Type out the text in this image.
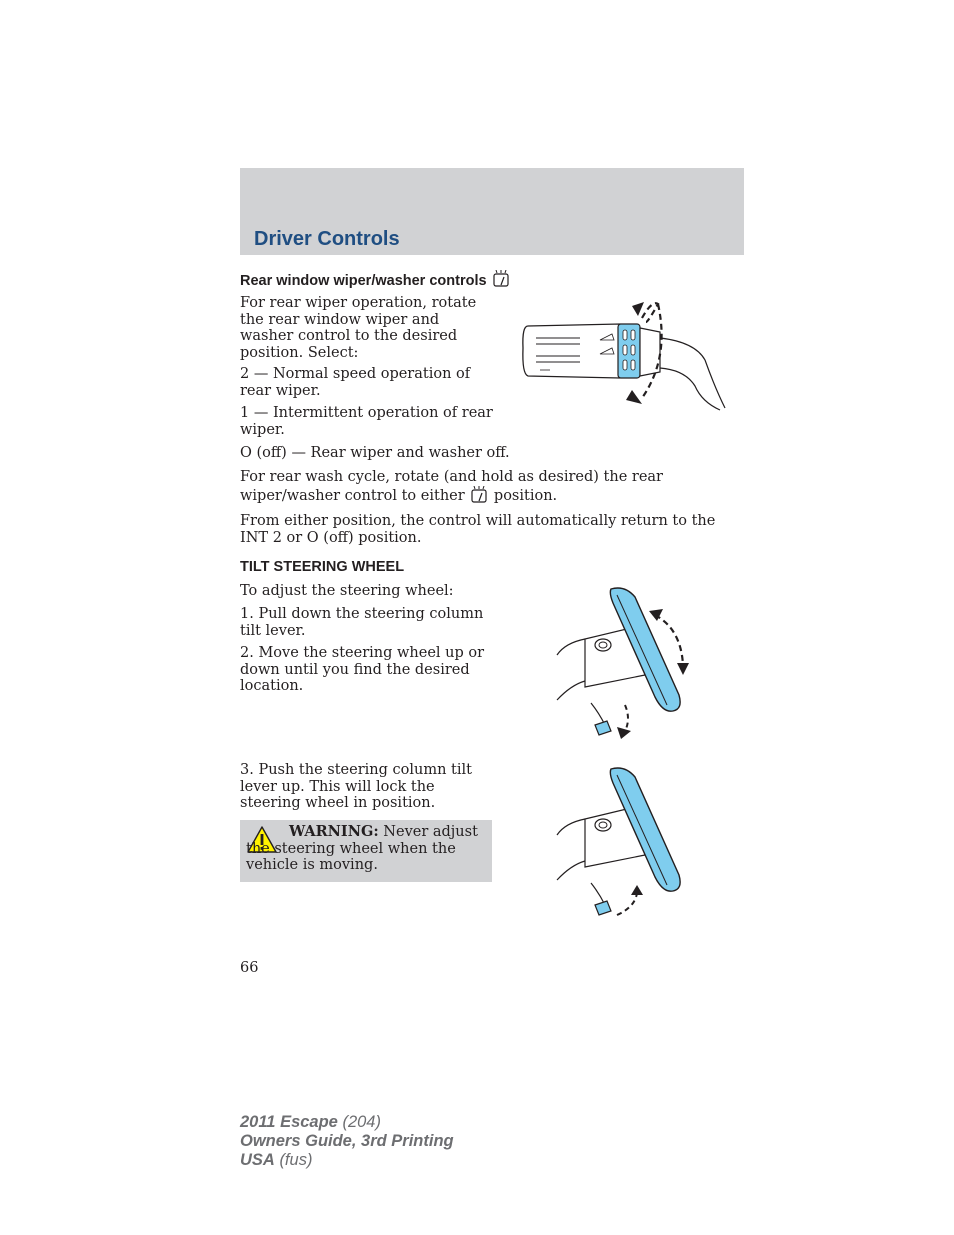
Driver Controls
Rear window wiper/washer controls

For rear wiper operation, rotate the rear window wiper and washer control to the desired position. Select:

2 — Normal speed operation of rear wiper.

1 — Intermittent operation of rear wiper.

O (off) — Rear wiper and washer off.

For rear wash cycle, rotate (and hold as desired) the rear wiper/washer control to either position.

From either position, the control will automatically return to the INT 2 or O (off) position.

TILT STEERING WHEEL

To adjust the steering wheel:

1. Pull down the steering column tilt lever.

2. Move the steering wheel up or down until you find the desired location.

3. Push the steering column tilt lever up. This will lock the steering wheel in position.

WARNING: Never adjust the steering wheel when the vehicle is moving.
66
2011 Escape (204)
Owners Guide, 3rd Printing
USA (fus)
